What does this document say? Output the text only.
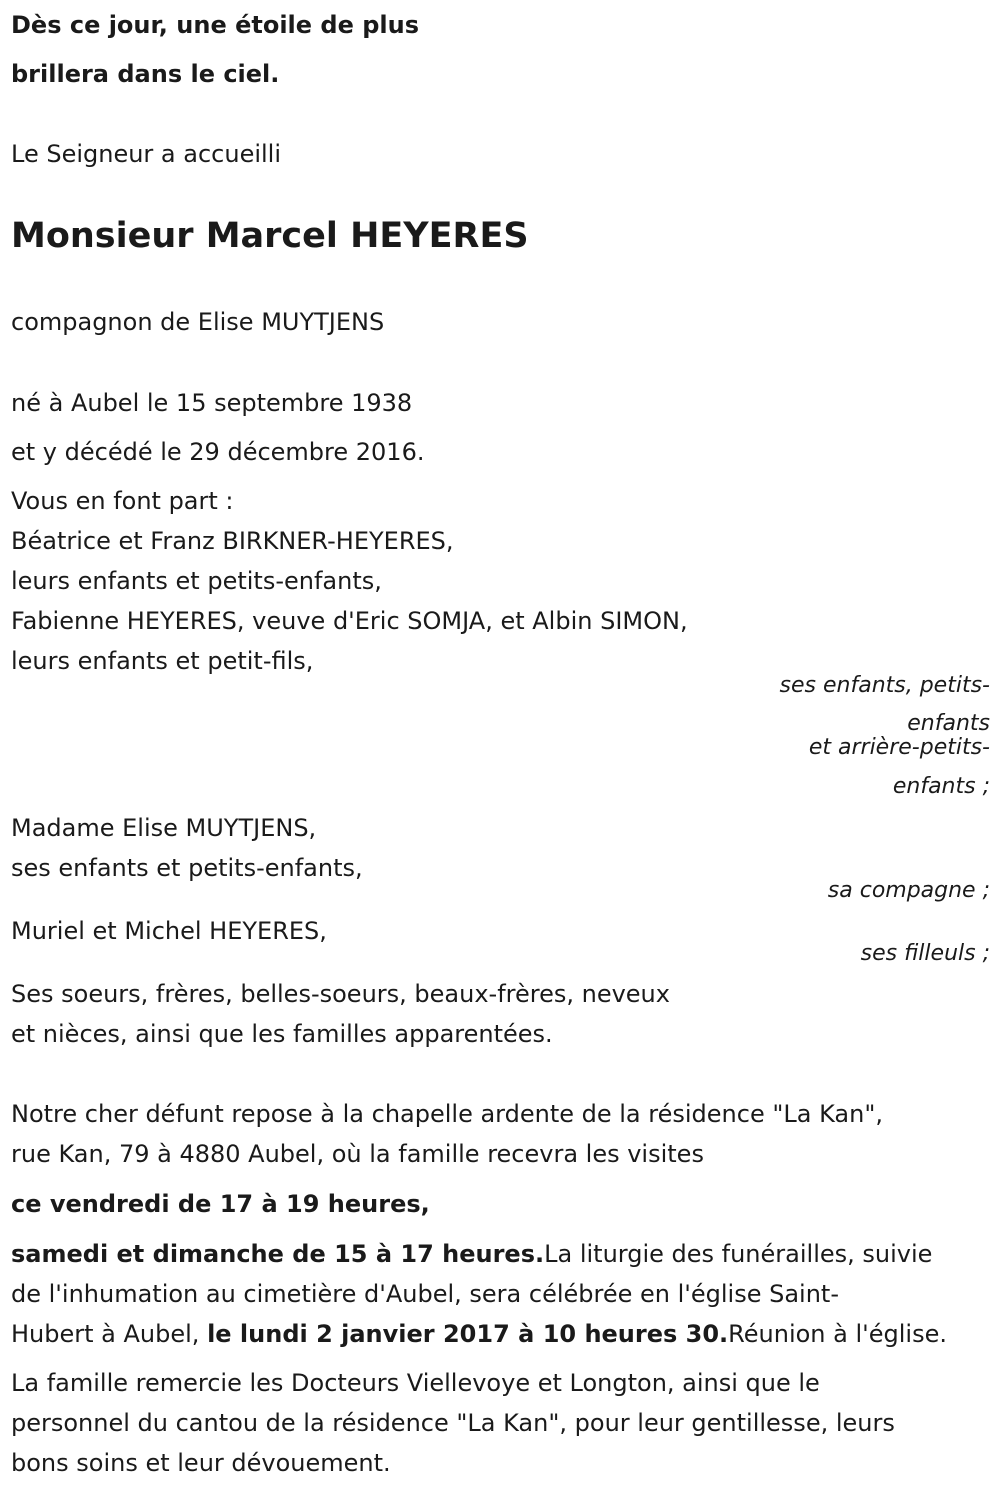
Dès ce jour, une étoile de plus
brillera dans le ciel.
Le Seigneur a accueilli
Monsieur Marcel HEYERES
compagnon de Elise MUYTJENS
né à Aubel le 15 septembre 1938
et y décédé le 29 décembre 2016.
Vous en font part :
Béatrice et Franz BIRKNER-HEYERES,
leurs enfants et petits-enfants,
Fabienne HEYERES, veuve d'Eric SOMJA, et Albin SIMON,
leurs enfants et petit-fils,
ses enfants, petits-
enfants
et arrière-petits-
enfants ;
Madame Elise MUYTJENS,
ses enfants et petits-enfants,
sa compagne ;
Muriel et Michel HEYERES,
ses filleuls ;
Ses soeurs, frères, belles-soeurs, beaux-frères, neveux
et nièces, ainsi que les familles apparentées.
Notre cher défunt repose à la chapelle ardente de la résidence "La Kan",
rue Kan, 79 à 4880 Aubel, où la famille recevra les visites
ce vendredi de 17 à 19 heures,
samedi et dimanche de 15 à 17 heures.La liturgie des funérailles, suivie
de l'inhumation au cimetière d'Aubel, sera célébrée en l'église Saint-
Hubert à Aubel, le lundi 2 janvier 2017 à 10 heures 30.Réunion à l'église.
La famille remercie les Docteurs Viellevoye et Longton, ainsi que le
personnel du cantou de la résidence "La Kan", pour leur gentillesse, leurs
bons soins et leur dévouement.
